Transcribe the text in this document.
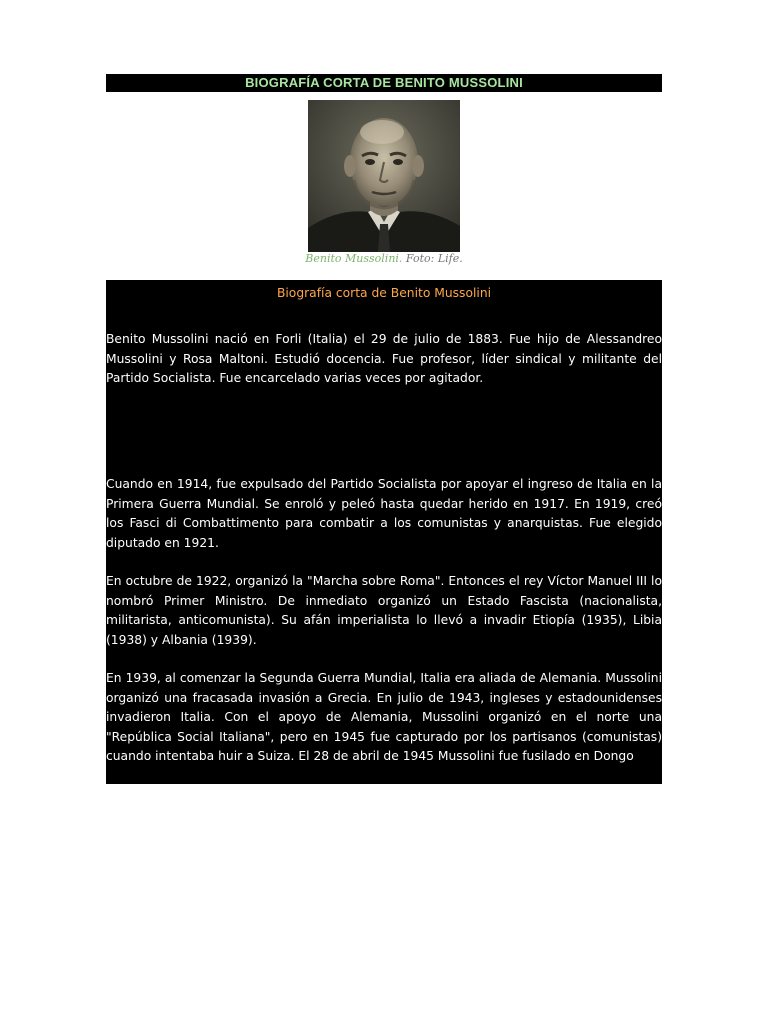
BIOGRAFÍA CORTA DE BENITO MUSSOLINI
Benito Mussolini. Foto: Life.
Biografía corta de Benito Mussolini

Benito Mussolini nació en Forli (Italia) el 29 de julio de 1883. Fue hijo de Alessandreo Mussolini y Rosa Maltoni. Estudió docencia. Fue profesor, líder sindical y militante del Partido Socialista. Fue encarcelado varias veces por agitador.

Cuando en 1914, fue expulsado del Partido Socialista por apoyar el ingreso de Italia en la Primera Guerra Mundial. Se enroló y peleó hasta quedar herido en 1917. En 1919, creó los Fasci di Combattimento para combatir a los comunistas y anarquistas. Fue elegido diputado en 1921.

En octubre de 1922, organizó la "Marcha sobre Roma". Entonces el rey Víctor Manuel III lo nombró Primer Ministro. De inmediato organizó un Estado Fascista (nacionalista, militarista, anticomunista). Su afán imperialista lo llevó a invadir Etiopía (1935), Libia (1938) y Albania (1939).

En 1939, al comenzar la Segunda Guerra Mundial, Italia era aliada de Alemania. Mussolini organizó una fracasada invasión a Grecia. En julio de 1943, ingleses y estadounidenses invadieron Italia. Con el apoyo de Alemania, Mussolini organizó en el norte una "República Social Italiana", pero en 1945 fue capturado por los partisanos (comunistas) cuando intentaba huir a Suiza. El 28 de abril de 1945 Mussolini fue fusilado en Dongo
